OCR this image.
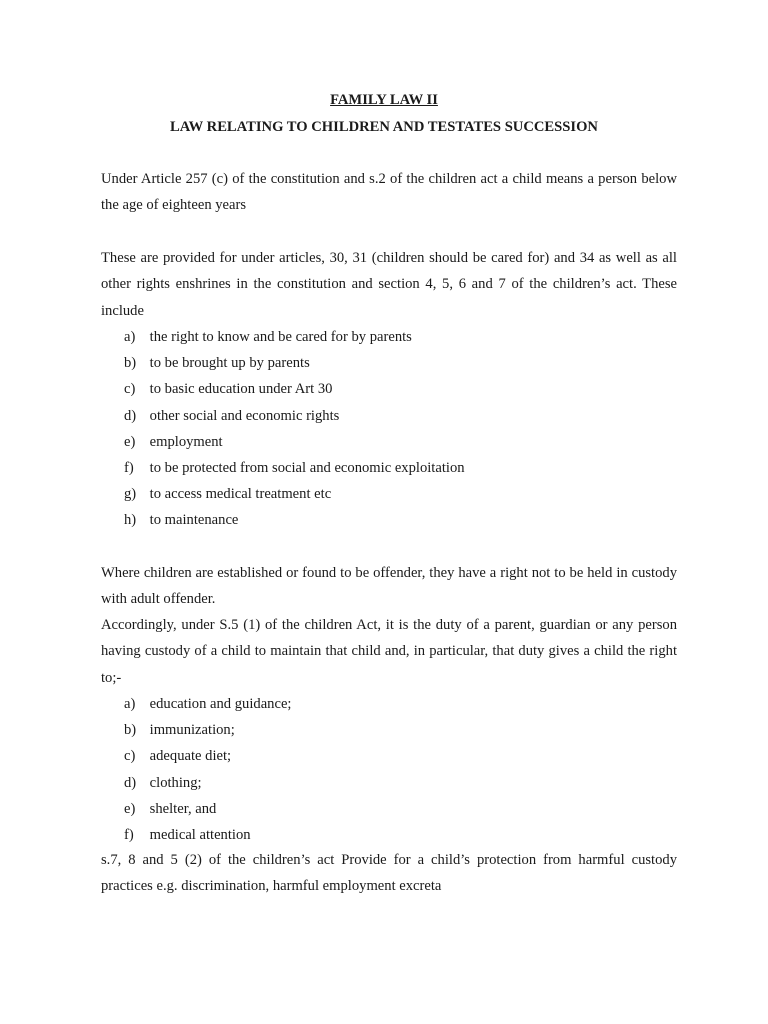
FAMILY LAW II
LAW RELATING TO CHILDREN AND TESTATES SUCCESSION

Under Article 257 (c) of the constitution and s.2 of the children act a child means a person below the age of eighteen years

These are provided for under articles, 30, 31 (children should be cared for) and 34 as well as all other rights enshrines in the constitution and section 4, 5, 6 and 7 of the children’s act. These include

a) the right to know and be cared for by parents
b) to be brought up by parents
c) to basic education under Art 30
d) other social and economic rights
e) employment
f) to be protected from social and economic exploitation
g) to access medical treatment etc
h) to maintenance

Where children are established or found to be offender, they have a right not to be held in custody with adult offender.

Accordingly, under S.5 (1) of the children Act, it is the duty of a parent, guardian or any person having custody of a child to maintain that child and, in particular, that duty gives a child the right to;-

a) education and guidance;
b) immunization;
c) adequate diet;
d) clothing;
e) shelter, and
f) medical attention

s.7, 8 and 5 (2) of the children’s act Provide for a child’s protection from harmful custody practices e.g. discrimination, harmful employment excreta
